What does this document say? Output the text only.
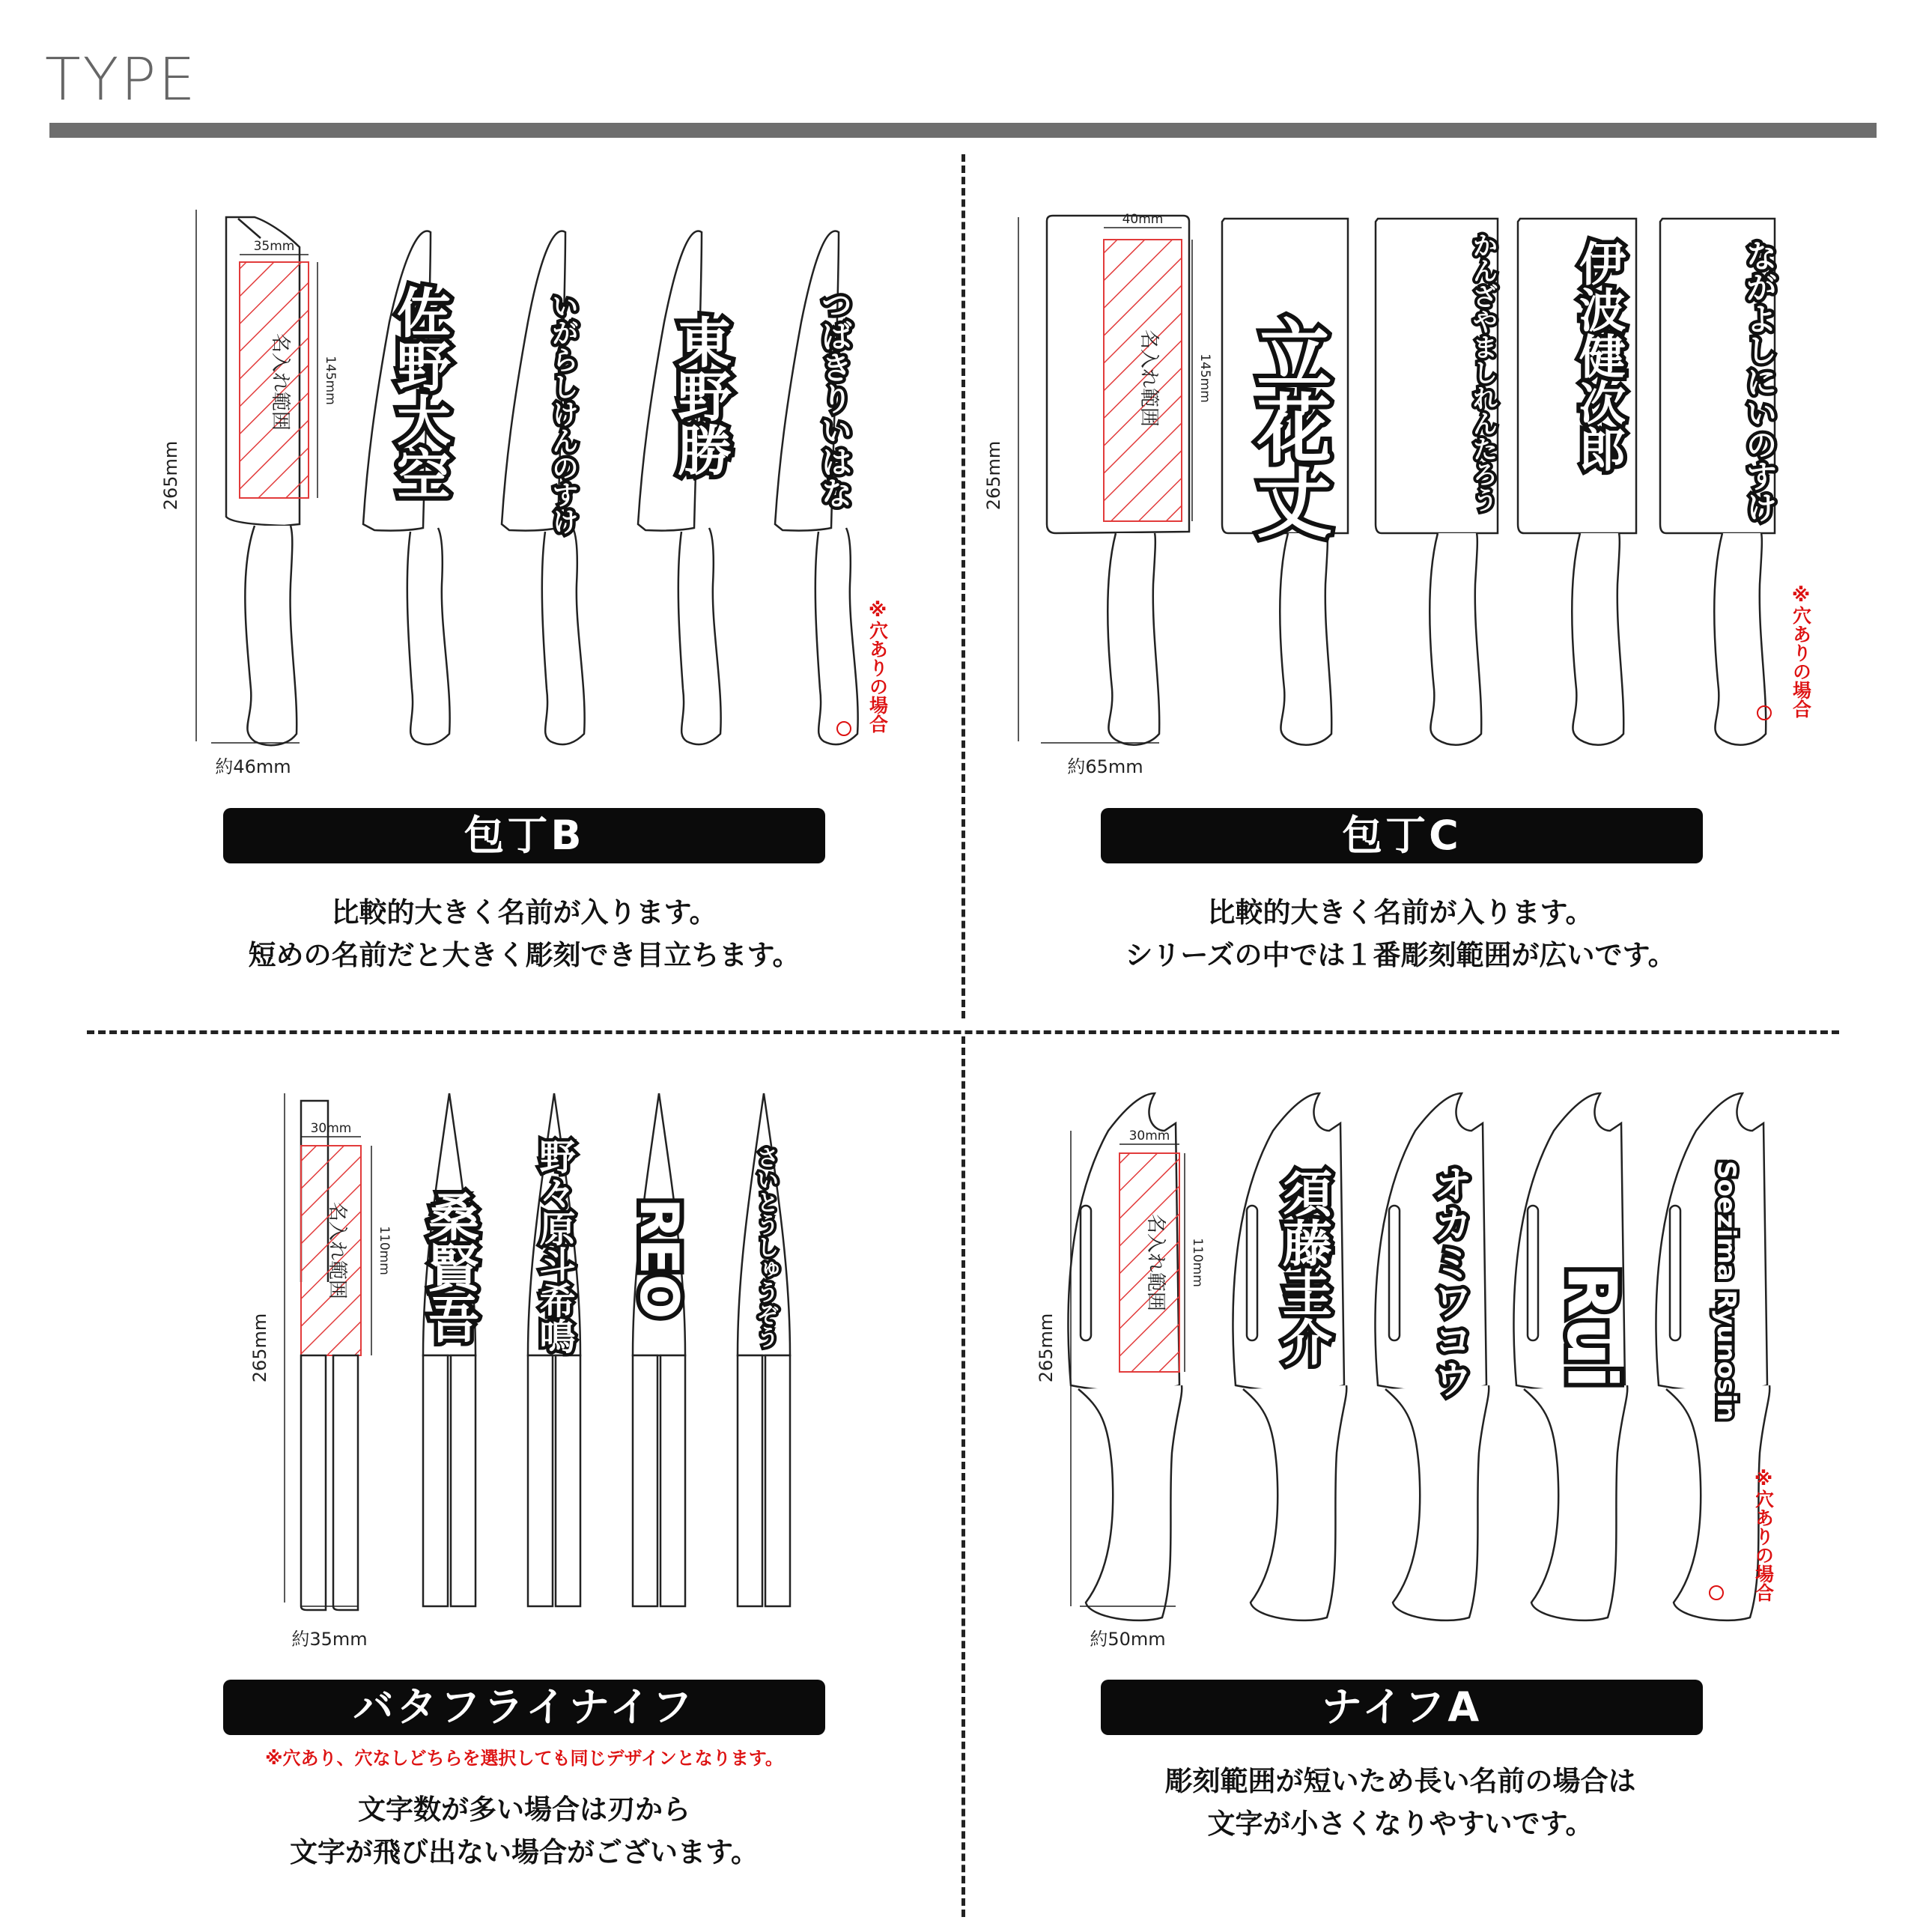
TYPE
名入れ範囲
265mm
35mm
145mm
約46mm
佐野大空	いがらしけんのすけ 東野勝	つばきりいはな
※穴ありの場合
包丁B
比較的大きく名前が入ります。
短めの名前だと大きく彫刻でき目立ちます。
名入れ範囲
265mm
40mm
145mm
約65mm
立花丈	かんざやましれんたろう 伊波健次郎	ながよしにいのすけ
※穴ありの場合
包丁C
比較的大きく名前が入ります。
シリーズの中では１番彫刻範囲が広いです。
名入れ範囲
265mm
30mm
110mm
約35mm
桑賢吾 野々原斗希鳴 REO	さいとうしゅうぞう
バタフライナイフ
※穴あり、穴なしどちらを選択しても同じデザインとなります。
文字数が多い場合は刃から
文字が飛び出ない場合がございます。
名入れ範囲
265mm
30mm
110mm
約50mm
須藤圭介 オカミワコウ Rui	Soezima Ryunosin
※穴ありの場合
ナイフA
彫刻範囲が短いため長い名前の場合は
文字が小さくなりやすいです。
